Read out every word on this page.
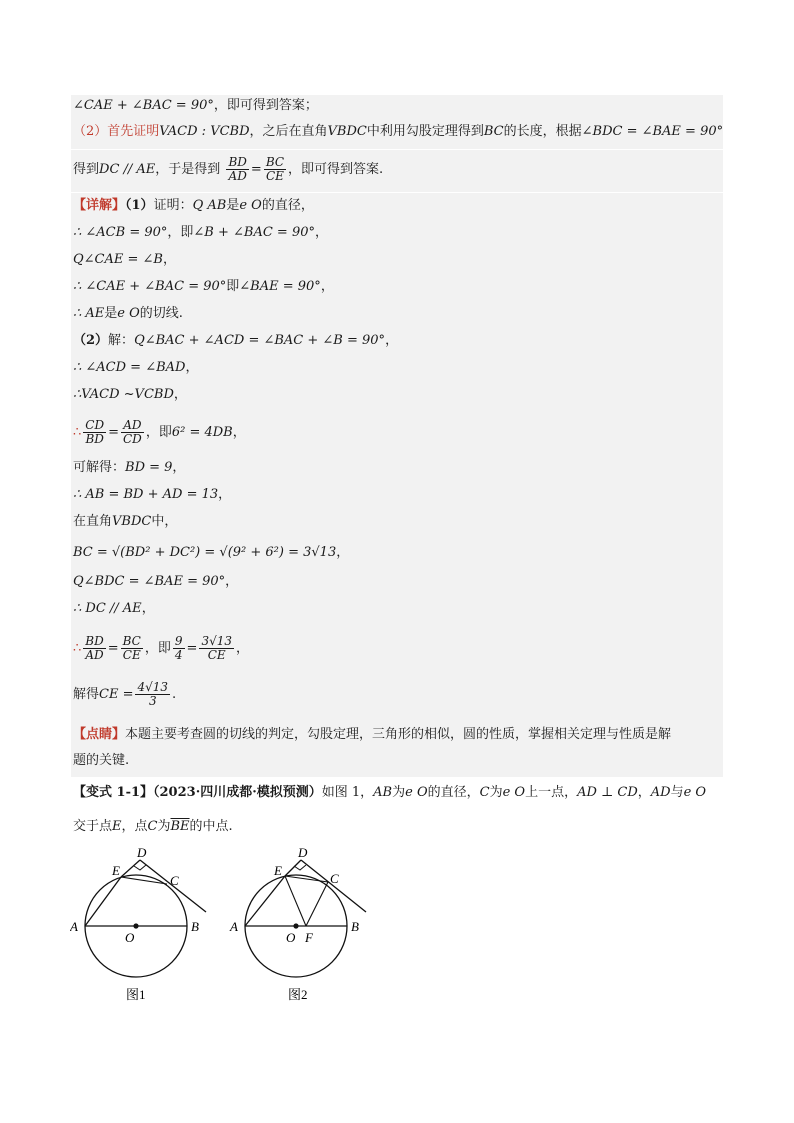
∠CAE + ∠BAC = 90°，即可得到答案；
（2）首先证明VACD : VCBD，之后在直角VBDC中利用勾股定理得到BC的长度，根据∠BDC = ∠BAE = 90°
得到DC // AE，于是得到 $\frac{BD}{AD} = \frac{BC}{CE}$ ，即可得到答案.
【详解】（1）证明：Q AB是e O的直径，
∴ ∠ACB = 90°，即∠B + ∠BAC = 90°，
Q∠CAE = ∠B，
∴ ∠CAE + ∠BAC = 90°即∠BAE = 90°，
∴ AE是e O的切线.
（2）解：Q∠BAC + ∠ACD = ∠BAC + ∠B = 90°，
∴ ∠ACD = ∠BAD，
∴VACD ~VCBD，
∴ $\frac{CD}{BD} = \frac{AD}{CD}$ ，即6² = 4DB，
可解得：BD = 9，
∴ AB = BD + AD = 13，
在直角VBDC中，
BC = √(BD² + DC²) = √(9² + 6²) = 3√13，
Q∠BDC = ∠BAE = 90°，
∴ DC // AE，
∴ $\frac{BD}{AD} = \frac{BC}{CE}$ ，即 $\frac{9}{4} = \frac{3√13}{CE}$ ，
解得CE = $\frac{4√13}{3}$ .
【点睛】本题主要考查圆的切线的判定，勾股定理，三角形的相似，圆的性质，掌握相关定理与性质是解
题的关键.
【变式 1-1】（2023·四川成都·模拟预测）如图 1，AB为e O的直径，C为e O上一点，AD ⊥ CD，AD与e O
交于点E，点C为$\overline{BE}$的中点.
A	B
C
D
E
O
图1
A	B
C
D
E
O F
图2
